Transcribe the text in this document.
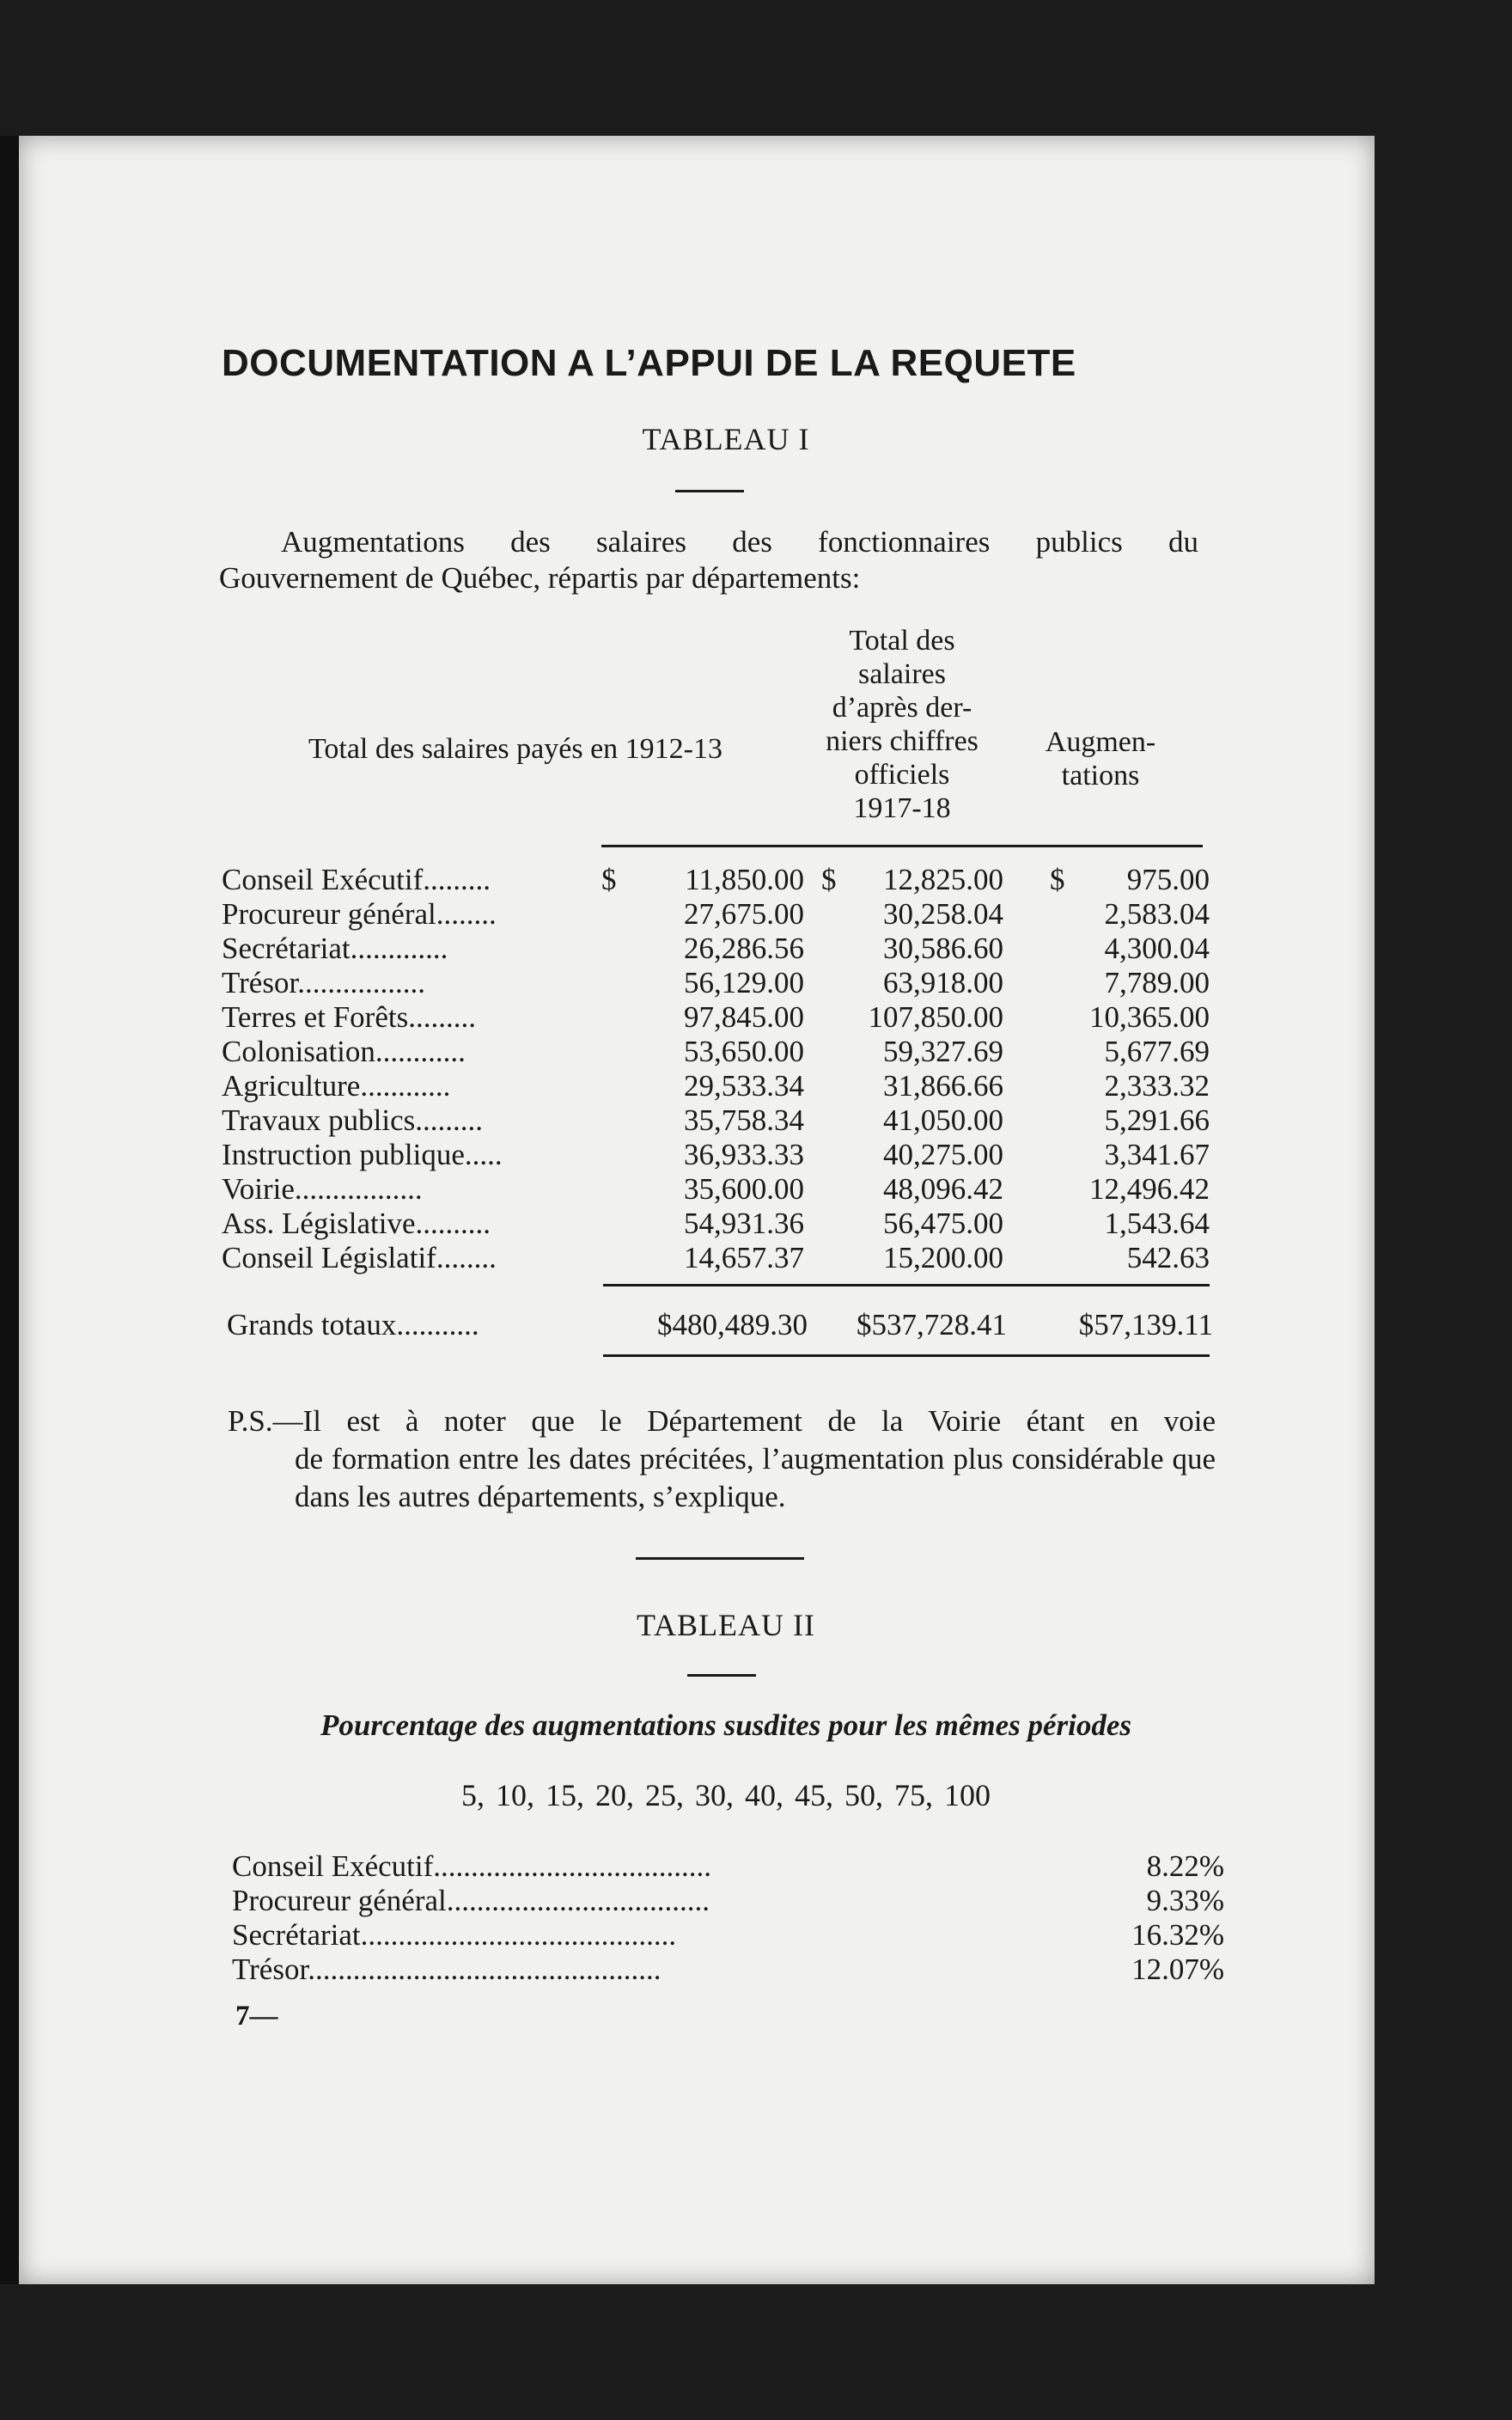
DOCUMENTATION A L’APPUI DE LA REQUETE
TABLEAU I
Augmentations des salaires des fonctionnaires publics du
Gouvernement de Québec, répartis par départements:
Total des salaires payés en 1912-13
Total des
salaires
d’après der-
niers chiffres
officiels
1917-18
Augmen-
tations
Conseil Exécutif.........	$ 11,850.00 $ 12,825.00 $ 975.00
Procureur général........	27,675.00	30,258.04	2,583.04
Secrétariat.............	26,286.56	30,586.60	4,300.04
Trésor.................	56,129.00	63,918.00	7,789.00
Terres et Forêts.........	97,845.00 107,850.00	10,365.00
Colonisation............	53,650.00	59,327.69	5,677.69
Agriculture............	29,533.34	31,866.66	2,333.32
Travaux publics.........	35,758.34	41,050.00	5,291.66
Instruction publique.....	36,933.33	40,275.00	3,341.67
Voirie.................	35,600.00	48,096.42	12,496.42
Ass. Législative..........	54,931.36	56,475.00	1,543.64
Conseil Législatif........	14,657.37	15,200.00	542.63
Grands totaux...........	$480,489.30 $537,728.41 $57,139.11
P.S.—Il est à noter que le Département de la Voirie étant en voie
de formation entre les dates précitées, l’augmentation plus considérable que dans les autres départements, s’explique.
TABLEAU II
Pourcentage des augmentations susdites pour les mêmes périodes
5, 10, 15, 20, 25, 30, 40, 45, 50, 75, 100
Conseil Exécutif.....................................	8.22%
Procureur général...................................	9.33%
Secrétariat..........................................	16.32%
Trésor...............................................	12.07%
7—
